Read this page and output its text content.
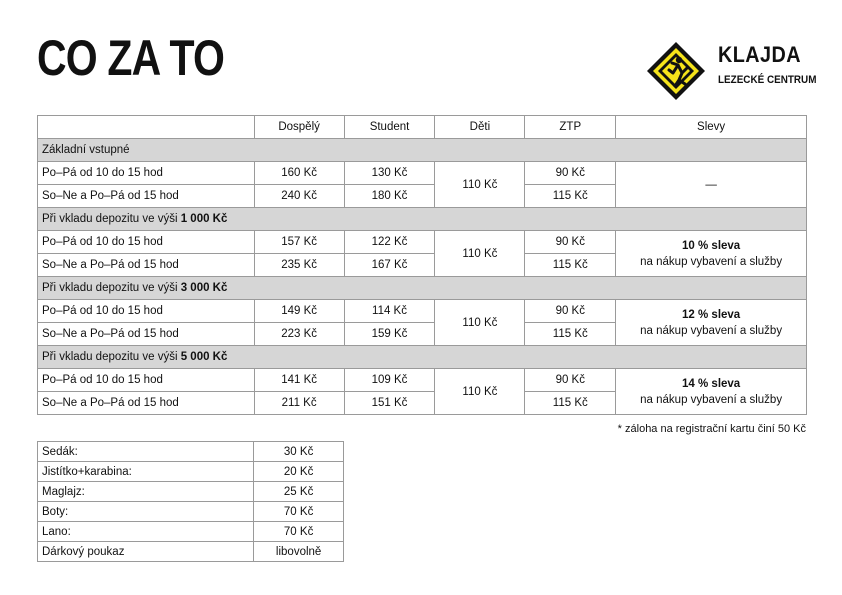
CO ZA TO	KLAJDA
LEZECKÉ CENTRUM
	Dospělý	Student	Děti	ZTP	Slevy
Základní vstupné					
Po–Pá od 10 do 15 hod	160 Kč	130 Kč	110 Kč	90 Kč	—
So–Ne a Po–Pá od 15 hod	240 Kč	180 Kč		115 Kč	
Při vkladu depozitu ve výši 1 000 Kč					
Po–Pá od 10 do 15 hod	157 Kč	122 Kč	110 Kč	90 Kč	10 % sleva
na nákup vybavení a služby
So–Ne a Po–Pá od 15 hod	235 Kč	167 Kč		115 Kč	
Při vkladu depozitu ve výši 3 000 Kč					
Po–Pá od 10 do 15 hod	149 Kč	114 Kč	110 Kč	90 Kč	12 % sleva
na nákup vybavení a služby
So–Ne a Po–Pá od 15 hod	223 Kč	159 Kč		115 Kč	
Při vkladu depozitu ve výši 5 000 Kč					
Po–Pá od 10 do 15 hod	141 Kč	109 Kč	110 Kč	90 Kč	14 % sleva
na nákup vybavení a služby
So–Ne a Po–Pá od 15 hod	211 Kč	151 Kč		115 Kč	
* záloha na registrační kartu činí 50 Kč
Sedák:	30 Kč
Jistítko+karabina:	20 Kč
Maglajz:	25 Kč
Boty:	70 Kč
Lano:	70 Kč
Dárkový poukaz	libovolně
